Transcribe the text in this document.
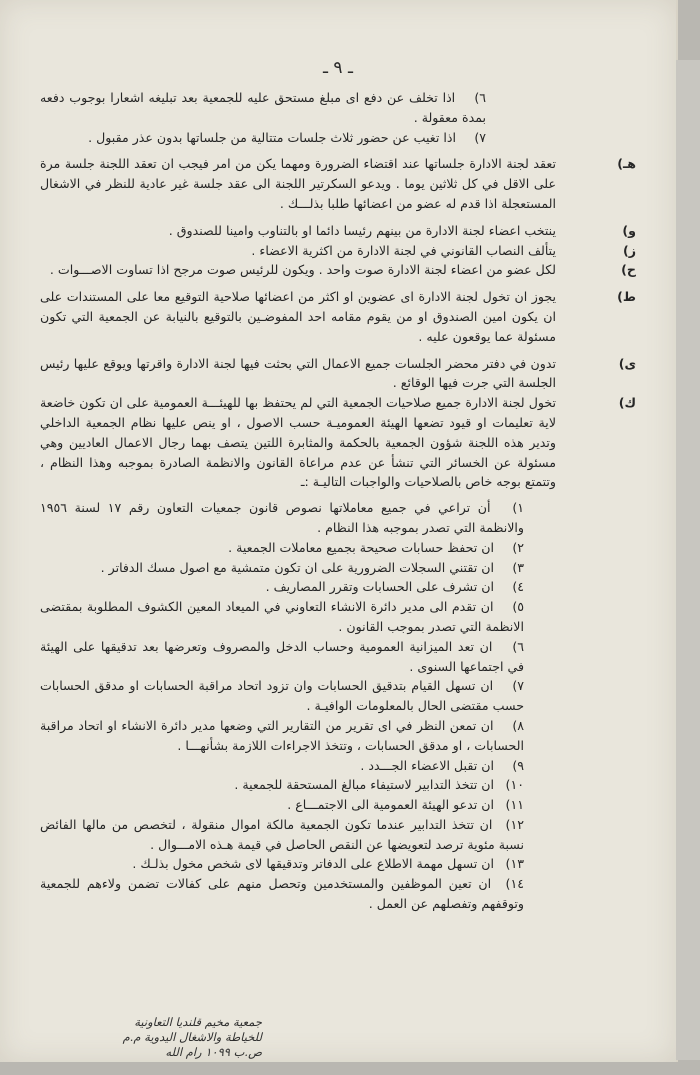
ـ ٩ ـ

٦) اذا تخلف عن دفع اى مبلغ مستحق عليه للجمعية بعد تبليغه اشعارا بوجوب دفعه بمدة معقولة .

٧) اذا تغيب عن حضور ثلاث جلسات متتالية من جلساتها بدون عذر مقبول .

هـ)
تعقد لجنة الادارة جلساتها عند اقتضاء الضرورة ومهما يكن من امر فيجب ان تعقد اللجنة جلسة مرة على الاقل في كل ثلاثين يوما . ويدعو السكرتير اللجنة الى عقد جلسة غير عادية للنظر في الاشغال المستعجلة اذا قدم له عضو من اعضائها طلبا بذلـــك .
و)
ينتخب اعضاء لجنة الادارة من بينهم رئيسا دائما او بالتناوب وامينا للصندوق .
ز)
يتألف النصاب القانوني في لجنة الادارة من اكثرية الاعضاء .
ح)
لكل عضو من اعضاء لجنة الادارة صوت واحد . ويكون للرئيس صوت مرجح اذا تساوت الاصـــوات .
ط)
يجوز ان تخول لجنة الادارة اى عضوين او اكثر من اعضائها صلاحية التوقيع معا على المستندات على ان يكون امين الصندوق او من يقوم مقامه احد المفوضـين بالتوقيع بالنيابة عن الجمعية التي تكون مسئولة عما يوقعون عليه .
ى)
تدون في دفتر محضر الجلسات جميع الاعمال التي بحثت فيها لجنة الادارة واقرتها ويوقع عليها رئيس الجلسة التي جرت فيها الوقائع .
ك)
تخول لجنة الادارة جميع صلاحيات الجمعية التي لم يحتفظ بها للهيئـــة العمومية على ان تكون خاضعة لاية تعليمات او قيود تضعها الهيئة العموميـة حسب الاصول ، او ينص عليها نظام الجمعية الداخلي وتدير هذه اللجنة شؤون الجمعية بالحكمة والمثابرة اللتين يتصف بهما رجال الاعمال العاديين وهي مسئولة عن الخسائر التي تنشأ عن عدم مراعاة القانون والانظمة الصادرة بموجبه وهذا النظام ، وتتمتع بوجه خاص بالصلاحيات والواجبات التاليـة :ـ

١) أن تراعي في جميع معاملاتها نصوص قانون جمعيات التعاون رقم ١٧ لسنة ١٩٥٦ والانظمة التي تصدر بموجبه هذا النظام .

٢) ان تحفظ حسابات صحيحة بجميع معاملات الجمعية .

٣) ان تقتني السجلات الضرورية على ان تكون متمشية مع اصول مسك الدفاتر .

٤) ان تشرف على الحسابات وتقرر المصاريف .

٥) ان تقدم الى مدير دائرة الانشاء التعاوني في الميعاد المعين الكشوف المطلوبة بمقتضى الانظمة التي تصدر بموجب القانون .

٦) ان تعد الميزانية العمومية وحساب الدخل والمصروف وتعرضها بعد تدقيقها على الهيئة في اجتماعها السنوى .

٧) ان تسهل القيام بتدقيق الحسابات وان تزود اتحاد مراقبة الحسابات او مدقق الحسابات حسب مقتضى الحال بالمعلومات الوافيـة .

٨) ان تمعن النظر في اى تقرير من التقارير التي وضعها مدير دائرة الانشاء او اتحاد مراقبة الحسابات ، او مدقق الحسابات ، وتتخذ الاجراءات اللازمة بشأنهـــا .

٩) ان تقبل الاعضاء الجـــدد .

١٠) ان تتخذ التدابير لاستيفاء مبالغ المستحقة للجمعية .

١١) ان تدعو الهيئة العمومية الى الاجتمـــاع .

١٢) ان تتخذ التدابير عندما تكون الجمعية مالكة اموال منقولة ، لتخصص من مالها الفائض نسبة مئوية ترصد لتعويضها عن النقص الحاصل في قيمة هـذه الامـــوال .

١٣) ان تسهل مهمة الاطلاع على الدفاتر وتدقيقها لاى شخص مخول بذلـك .

١٤) ان تعين الموظفين والمستخدمين وتحصل منهم على كفالات تضمن ولاءهم للجمعية وتوقفهم وتفصلهم عن العمل .

جمعية مخيم قلنديا التعاونية
للخياطة والاشغال اليدوية م.م
ص.ب ١٠٩٩ رام الله
